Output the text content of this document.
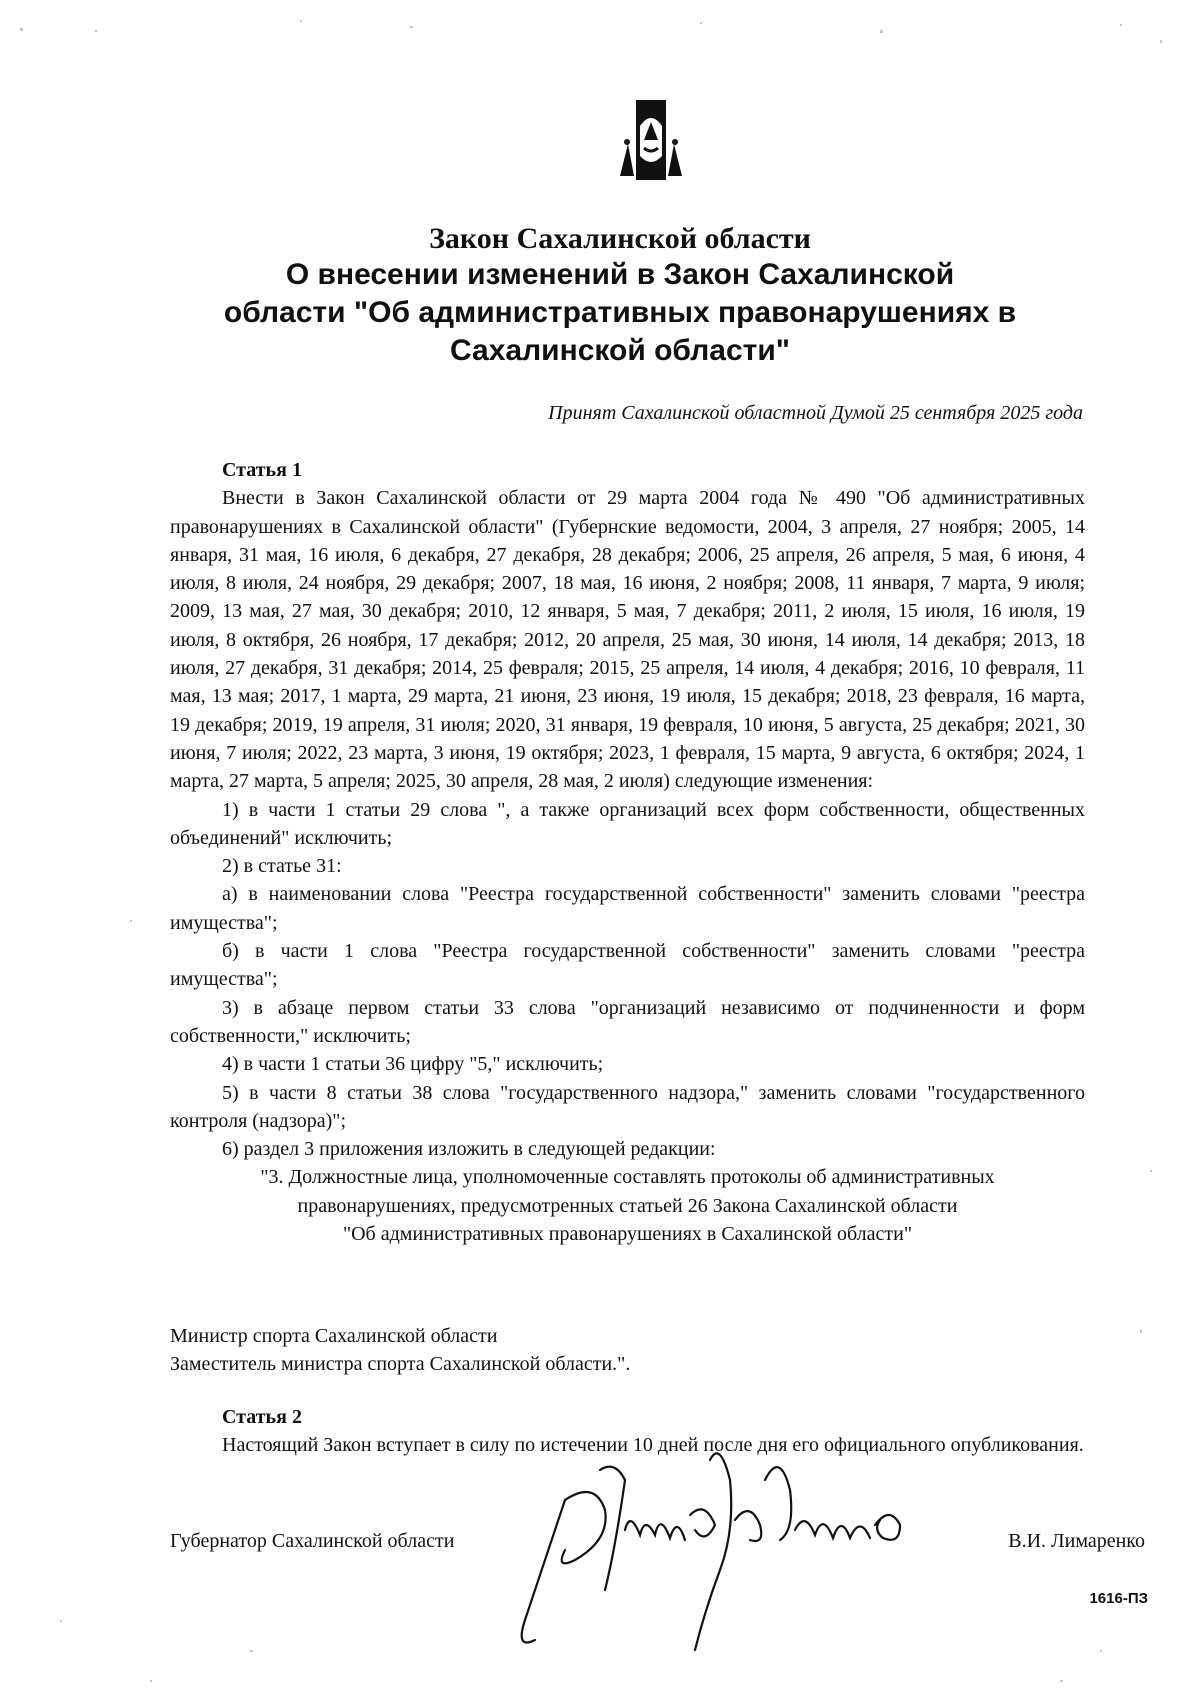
Закон Сахалинской области

О внесении изменений в Закон Сахалинской

области "Об административных правонарушениях в

Сахалинской области"

Принят Сахалинской областной Думой 25 сентября 2025 года

Статья 1

Внести в Закон Сахалинской области от 29 марта 2004 года № 490 "Об административных правонарушениях в Сахалинской области" (Губернские ведомости, 2004, 3 апреля, 27 ноября; 2005, 14 января, 31 мая, 16 июля, 6 декабря, 27 декабря, 28 декабря; 2006, 25 апреля, 26 апреля, 5 мая, 6 июня, 4 июля, 8 июля, 24 ноября, 29 декабря; 2007, 18 мая, 16 июня, 2 ноября; 2008, 11 января, 7 марта, 9 июля; 2009, 13 мая, 27 мая, 30 декабря; 2010, 12 января, 5 мая, 7 декабря; 2011, 2 июля, 15 июля, 16 июля, 19 июля, 8 октября, 26 ноября, 17 декабря; 2012, 20 апреля, 25 мая, 30 июня, 14 июля, 14 декабря; 2013, 18 июля, 27 декабря, 31 декабря; 2014, 25 февраля; 2015, 25 апреля, 14 июля, 4 декабря; 2016, 10 февраля, 11 мая, 13 мая; 2017, 1 марта, 29 марта, 21 июня, 23 июня, 19 июля, 15 декабря; 2018, 23 февраля, 16 марта, 19 декабря; 2019, 19 апреля, 31 июля; 2020, 31 января, 19 февраля, 10 июня, 5 августа, 25 декабря; 2021, 30 июня, 7 июля; 2022, 23 марта, 3 июня, 19 октября; 2023, 1 февраля, 15 марта, 9 августа, 6 октября; 2024, 1 марта, 27 марта, 5 апреля; 2025, 30 апреля, 28 мая, 2 июля) следующие изменения:

1) в части 1 статьи 29 слова ", а также организаций всех форм собственности, общественных объединений" исключить;

2) в статье 31:

а) в наименовании слова "Реестра государственной собственности" заменить словами "реестра имущества";

б) в части 1 слова "Реестра государственной собственности" заменить словами "реестра имущества";

3) в абзаце первом статьи 33 слова "организаций независимо от подчиненности и форм собственности," исключить;

4) в части 1 статьи 36 цифру "5," исключить;

5) в части 8 статьи 38 слова "государственного надзора," заменить словами "государственного контроля (надзора)";

6) раздел 3 приложения изложить в следующей редакции:

"3. Должностные лица, уполномоченные составлять протоколы об административных

правонарушениях, предусмотренных статьей 26 Закона Сахалинской области

"Об административных правонарушениях в Сахалинской области"

Министр спорта Сахалинской области
Заместитель министра спорта Сахалинской области.".

Статья 2

Настоящий Закон вступает в силу по истечении 10 дней после дня его официального опубликования.

Губернатор Сахалинской области	В.И. Лимаренко
1616-ПЗ
